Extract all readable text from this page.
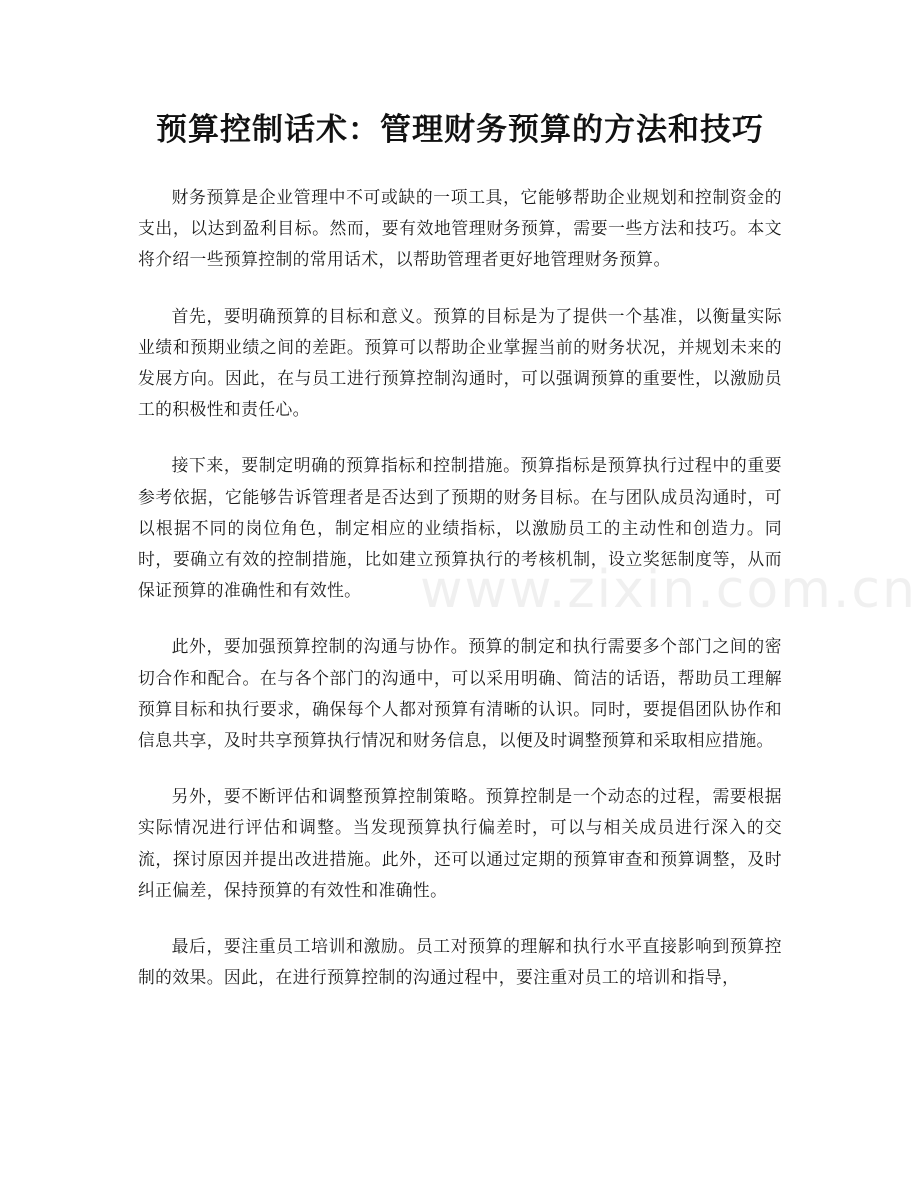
预算控制话术：管理财务预算的方法和技巧

财务预算是企业管理中不可或缺的一项工具，它能够帮助企业规划和控制资金的支出，以达到盈利目标。然而，要有效地管理财务预算，需要一些方法和技巧。本文将介绍一些预算控制的常用话术，以帮助管理者更好地管理财务预算。

首先，要明确预算的目标和意义。预算的目标是为了提供一个基准，以衡量实际业绩和预期业绩之间的差距。预算可以帮助企业掌握当前的财务状况，并规划未来的发展方向。因此，在与员工进行预算控制沟通时，可以强调预算的重要性，以激励员工的积极性和责任心。

接下来，要制定明确的预算指标和控制措施。预算指标是预算执行过程中的重要参考依据，它能够告诉管理者是否达到了预期的财务目标。在与团队成员沟通时，可以根据不同的岗位角色，制定相应的业绩指标，以激励员工的主动性和创造力。同时，要确立有效的控制措施，比如建立预算执行的考核机制，设立奖惩制度等，从而保证预算的准确性和有效性。

此外，要加强预算控制的沟通与协作。预算的制定和执行需要多个部门之间的密切合作和配合。在与各个部门的沟通中，可以采用明确、简洁的话语，帮助员工理解预算目标和执行要求，确保每个人都对预算有清晰的认识。同时，要提倡团队协作和信息共享，及时共享预算执行情况和财务信息，以便及时调整预算和采取相应措施。

另外，要不断评估和调整预算控制策略。预算控制是一个动态的过程，需要根据实际情况进行评估和调整。当发现预算执行偏差时，可以与相关成员进行深入的交流，探讨原因并提出改进措施。此外，还可以通过定期的预算审查和预算调整，及时纠正偏差，保持预算的有效性和准确性。

最后，要注重员工培训和激励。员工对预算的理解和执行水平直接影响到预算控制的效果。因此，在进行预算控制的沟通过程中，要注重对员工的培训和指导，

www.zixin.com.cn
